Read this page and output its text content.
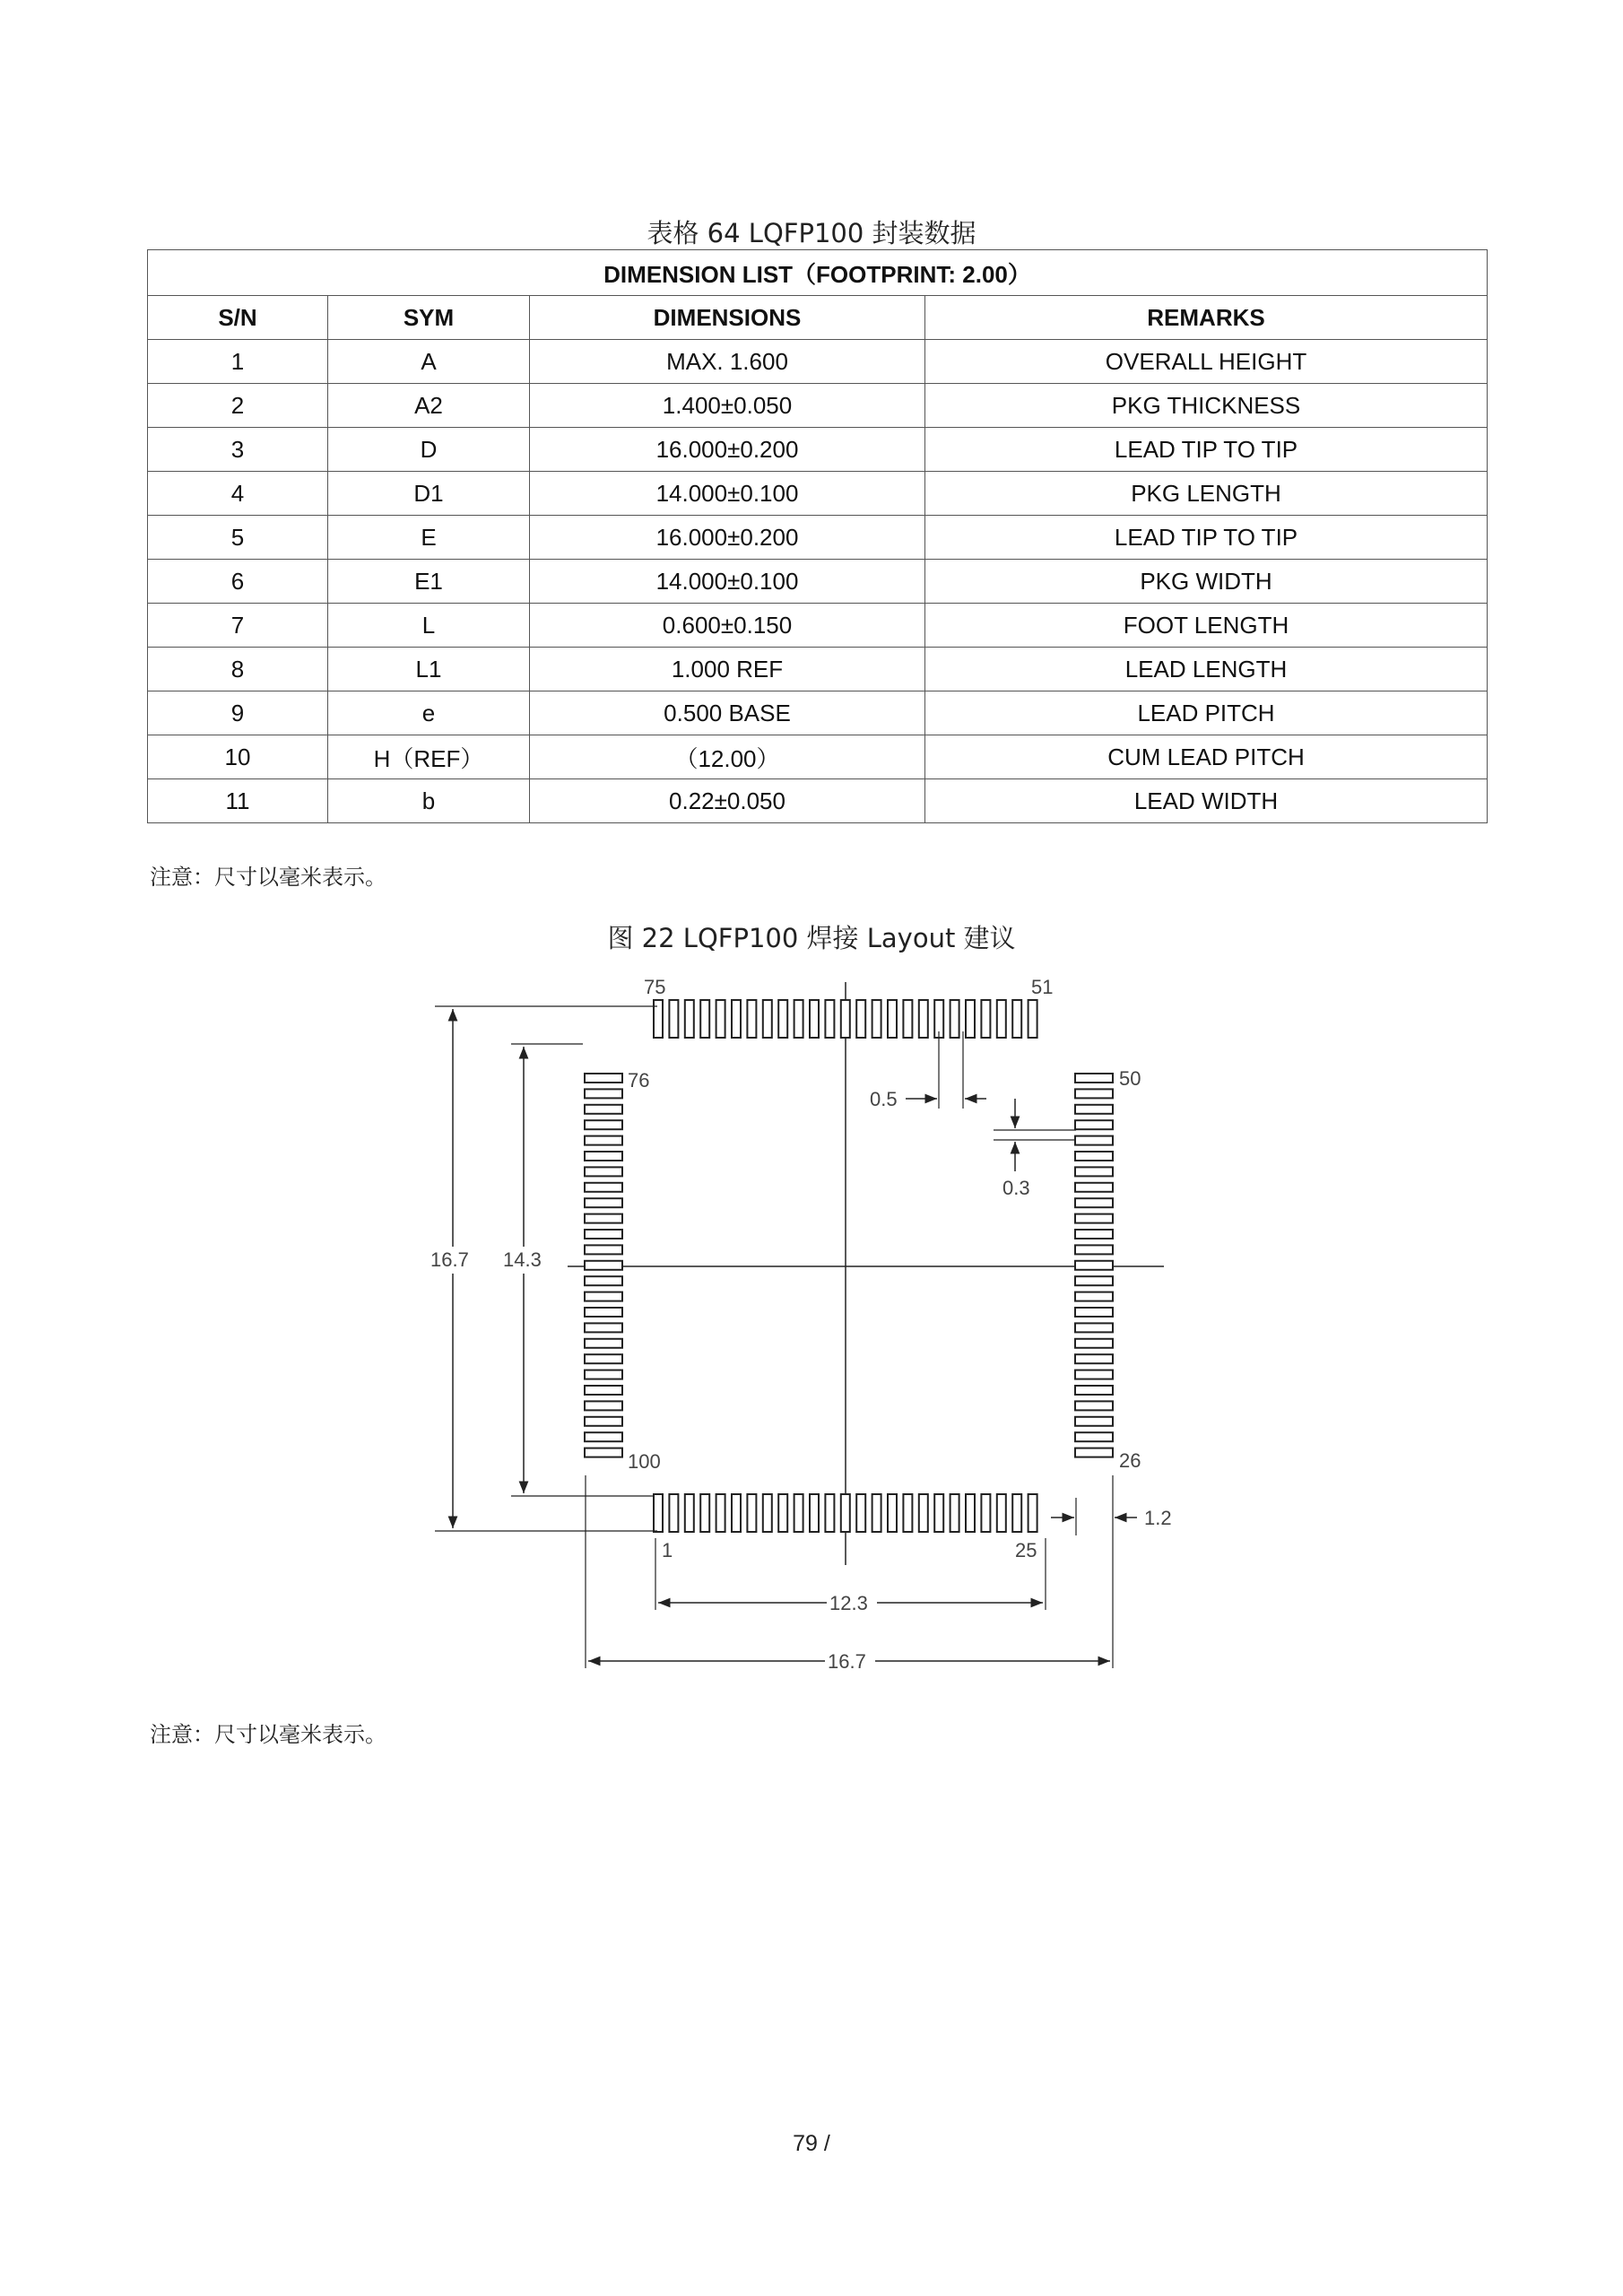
表格 64 LQFP100 封装数据
DIMENSION LIST（FOOTPRINT: 2.00）			
S/N	SYM	DIMENSIONS	REMARKS
1	A	MAX. 1.600	OVERALL HEIGHT
2	A2	1.400±0.050	PKG THICKNESS
3	D	16.000±0.200	LEAD TIP TO TIP
4	D1	14.000±0.100	PKG LENGTH
5	E	16.000±0.200	LEAD TIP TO TIP
6	E1	14.000±0.100	PKG WIDTH
7	L	0.600±0.150	FOOT LENGTH
8	L1	1.000 REF	LEAD LENGTH
9	e	0.500 BASE	LEAD PITCH
10	H（REF）	（12.00）	CUM LEAD PITCH
11	b	0.22±0.050	LEAD WIDTH
注意：尺寸以毫米表示。
图 22 LQFP100 焊接 Layout 建议
75	51
50
26
1	25
76
100
16.7 14.3
0.5
0.3
1.2
12.3
16.7
注意：尺寸以毫米表示。
79 /
